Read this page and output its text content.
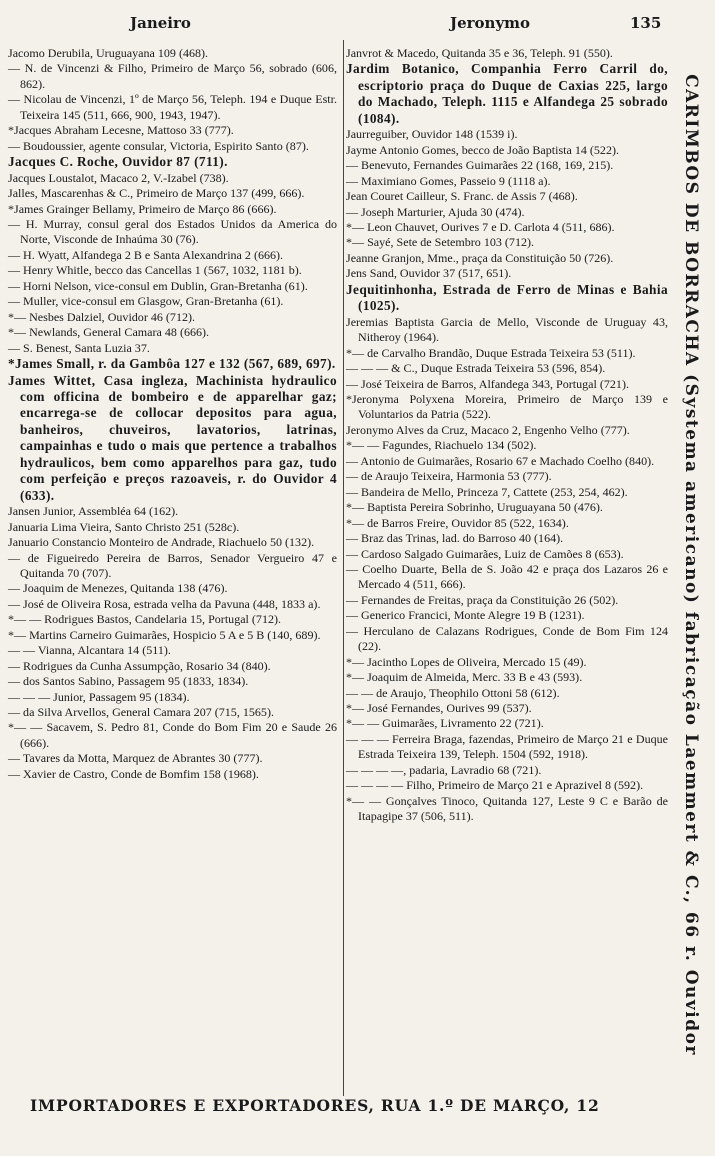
Janeiro	Jeronymo	135

Jacomo Derubila, Uruguayana 109 (468).

— N. de Vincenzi & Filho, Primeiro de Março 56, sobrado (606, 862).

— Nicolau de Vincenzi, 1º de Março 56, Teleph. 194 e Duque Estr. Teixeira 145 (511, 666, 900, 1943, 1947).

*Jacques Abraham Lecesne, Mattoso 33 (777).

— Boudoussier, agente consular, Victoria, Espirito Santo (87).

Jacques C. Roche, Ouvidor 87 (711).

Jacques Loustalot, Macaco 2, V.-Izabel (738).

Jalles, Mascarenhas & C., Primeiro de Março 137 (499, 666).

*James Grainger Bellamy, Primeiro de Março 86 (666).

— H. Murray, consul geral dos Estados Unidos da America do Norte, Visconde de Inhaúma 30 (76).

— H. Wyatt, Alfandega 2 B e Santa Alexandrina 2 (666).

— Henry Whitle, becco das Cancellas 1 (567, 1032, 1181 b).

— Horni Nelson, vice-consul em Dublin, Gran-Bretanha (61).

— Muller, vice-consul em Glasgow, Gran-Bretanha (61).

*— Nesbes Dalziel, Ouvidor 46 (712).

*— Newlands, General Camara 48 (666).

— S. Benest, Santa Luzia 37.

*James Small, r. da Gambôa 127 e 132 (567, 689, 697).

James Wittet, Casa ingleza, Machinista hydraulico com officina de bombeiro e de apparelhar gaz; encarrega-se de collocar depositos para agua, banheiros, chuveiros, lavatorios, latrinas, campainhas e tudo o mais que pertence a trabalhos hydraulicos, bem como apparelhos para gaz, tudo com perfeição e preços razoaveis, r. do Ouvidor 4 (633).

Jansen Junior, Assembléa 64 (162).

Januaria Lima Vieira, Santo Christo 251 (528c).

Januario Constancio Monteiro de Andrade, Riachuelo 50 (132).

— de Figueiredo Pereira de Barros, Senador Vergueiro 47 e Quitanda 70 (707).

— Joaquim de Menezes, Quitanda 138 (476).

— José de Oliveira Rosa, estrada velha da Pavuna (448, 1833 a).

*— — Rodrigues Bastos, Candelaria 15, Portugal (712).

*— Martins Carneiro Guimarães, Hospicio 5 A e 5 B (140, 689).

— — Vianna, Alcantara 14 (511).

— Rodrigues da Cunha Assumpção, Rosario 34 (840).

— dos Santos Sabino, Passagem 95 (1833, 1834).

— — — Junior, Passagem 95 (1834).

— da Silva Arvellos, General Camara 207 (715, 1565).

*— — Sacavem, S. Pedro 81, Conde do Bom Fim 20 e Saude 26 (666).

— Tavares da Motta, Marquez de Abrantes 30 (777).

— Xavier de Castro, Conde de Bomfim 158 (1968).

Janvrot & Macedo, Quitanda 35 e 36, Teleph. 91 (550).

Jardim Botanico, Companhia Ferro Carril do, escriptorio praça do Duque de Caxias 225, largo do Machado, Teleph. 1115 e Alfandega 25 sobrado (1084).

Jaurreguiber, Ouvidor 148 (1539 i).

Jayme Antonio Gomes, becco de João Baptista 14 (522).

— Benevuto, Fernandes Guimarães 22 (168, 169, 215).

— Maximiano Gomes, Passeio 9 (1118 a).

Jean Couret Cailleur, S. Franc. de Assis 7 (468).

— Joseph Marturier, Ajuda 30 (474).

*— Leon Chauvet, Ourives 7 e D. Carlota 4 (511, 686).

*— Sayé, Sete de Setembro 103 (712).

Jeanne Granjon, Mme., praça da Constituição 50 (726).

Jens Sand, Ouvidor 37 (517, 651).

Jequitinhonha, Estrada de Ferro de Minas e Bahia (1025).

Jeremias Baptista Garcia de Mello, Visconde de Uruguay 43, Nitheroy (1964).

*— de Carvalho Brandão, Duque Estrada Teixeira 53 (511).

— — — & C., Duque Estrada Teixeira 53 (596, 854).

— José Teixeira de Barros, Alfandega 343, Portugal (721).

*Jeronyma Polyxena Moreira, Primeiro de Março 139 e Voluntarios da Patria (522).

Jeronymo Alves da Cruz, Macaco 2, Engenho Velho (777).

*— — Fagundes, Riachuelo 134 (502).

— Antonio de Guimarães, Rosario 67 e Machado Coelho (840).

— de Araujo Teixeira, Harmonia 53 (777).

— Bandeira de Mello, Princeza 7, Cattete (253, 254, 462).

*— Baptista Pereira Sobrinho, Uruguayana 50 (476).

*— de Barros Freire, Ouvidor 85 (522, 1634).

— Braz das Trinas, lad. do Barroso 40 (164).

— Cardoso Salgado Guimarães, Luiz de Camões 8 (653).

— Coelho Duarte, Bella de S. João 42 e praça dos Lazaros 26 e Mercado 4 (511, 666).

— Fernandes de Freitas, praça da Constituição 26 (502).

— Generico Francici, Monte Alegre 19 B (1231).

— Herculano de Calazans Rodrigues, Conde de Bom Fim 124 (22).

*— Jacintho Lopes de Oliveira, Mercado 15 (49).

*— Joaquim de Almeida, Merc. 33 B e 43 (593).

— — de Araujo, Theophilo Ottoni 58 (612).

*— José Fernandes, Ourives 99 (537).

*— — Guimarães, Livramento 22 (721).

— — — Ferreira Braga, fazendas, Primeiro de Março 21 e Duque Estrada Teixeira 139, Teleph. 1504 (592, 1918).

— — — —, padaria, Lavradio 68 (721).

— — — — Filho, Primeiro de Março 21 e Aprazivel 8 (592).

*— — Gonçalves Tinoco, Quitanda 127, Leste 9 C e Barão de Itapagipe 37 (506, 511).	CARIMBOS DE BORRACHA (Systema americano) fabricação Laemmert & C., 66 r. Ouvidor
IMPORTADORES E EXPORTADORES, RUA 1.º DE MARÇO, 12
